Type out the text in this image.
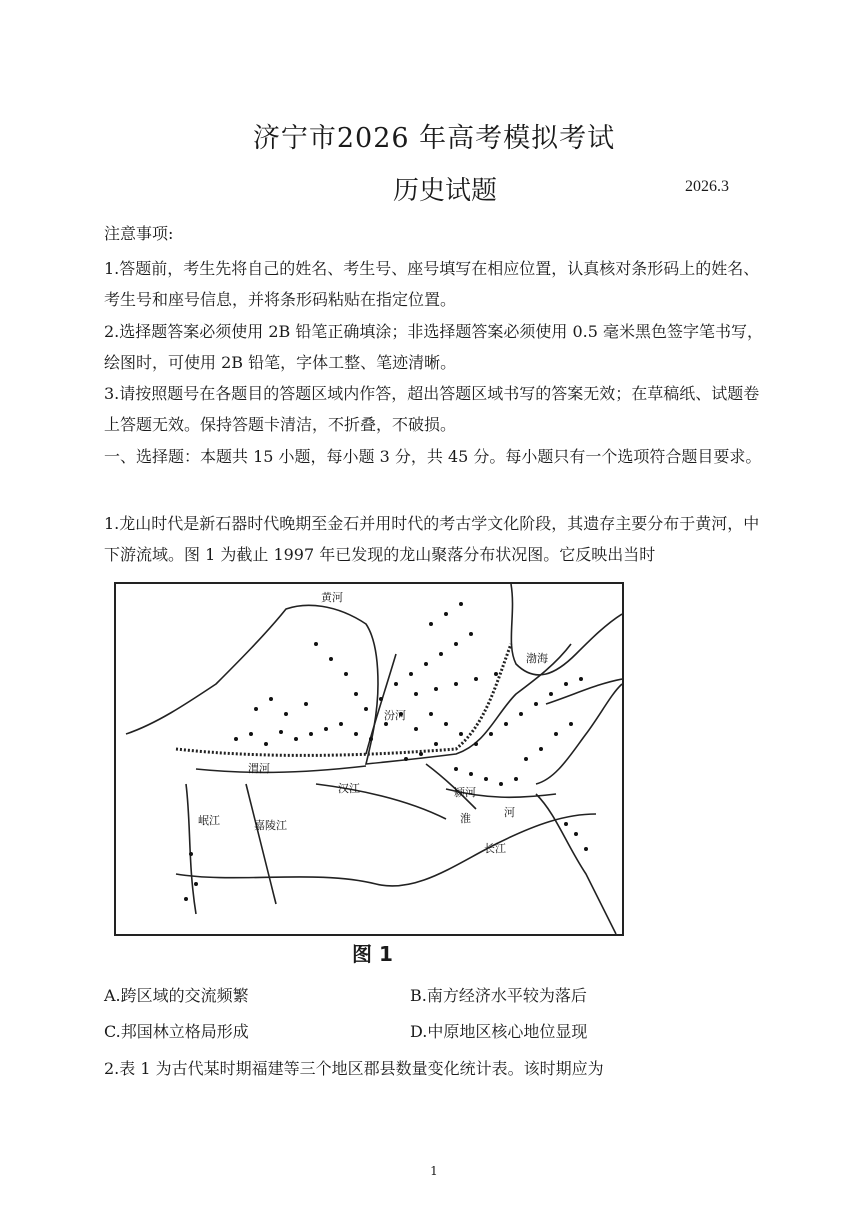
济宁市2026 年高考模拟考试
历史试题	2026.3
注意事项:
1.答题前，考生先将自己的姓名、考生号、座号填写在相应位置，认真核对条形码上的姓名、考生号和座号信息，并将条形码粘贴在指定位置。
2.选择题答案必须使用 2B 铅笔正确填涂；非选择题答案必须使用 0.5 毫米黑色签字笔书写，绘图时，可使用 2B 铅笔，字体工整、笔迹清晰。
3.请按照题号在各题目的答题区域内作答，超出答题区域书写的答案无效；在草稿纸、试题卷上答题无效。保持答题卡清洁，不折叠，不破损。
一、选择题：本题共 15 小题，每小题 3 分，共 45 分。每小题只有一个选项符合题目要求。
1.龙山时代是新石器时代晚期至金石并用时代的考古学文化阶段，其遗存主要分布于黄河，中下游流域。图 1 为截止 1997 年已发现的龙山聚落分布状况图。它反映出当时
黄河
渤海
汾河
渭河
汉江
岷江	嘉陵江
颍河
淮	河
长江
图 1
A.跨区域的交流频繁	B.南方经济水平较为落后
C.邦国林立格局形成	D.中原地区核心地位显现
2.表 1 为古代某时期福建等三个地区郡县数量变化统计表。该时期应为
1
